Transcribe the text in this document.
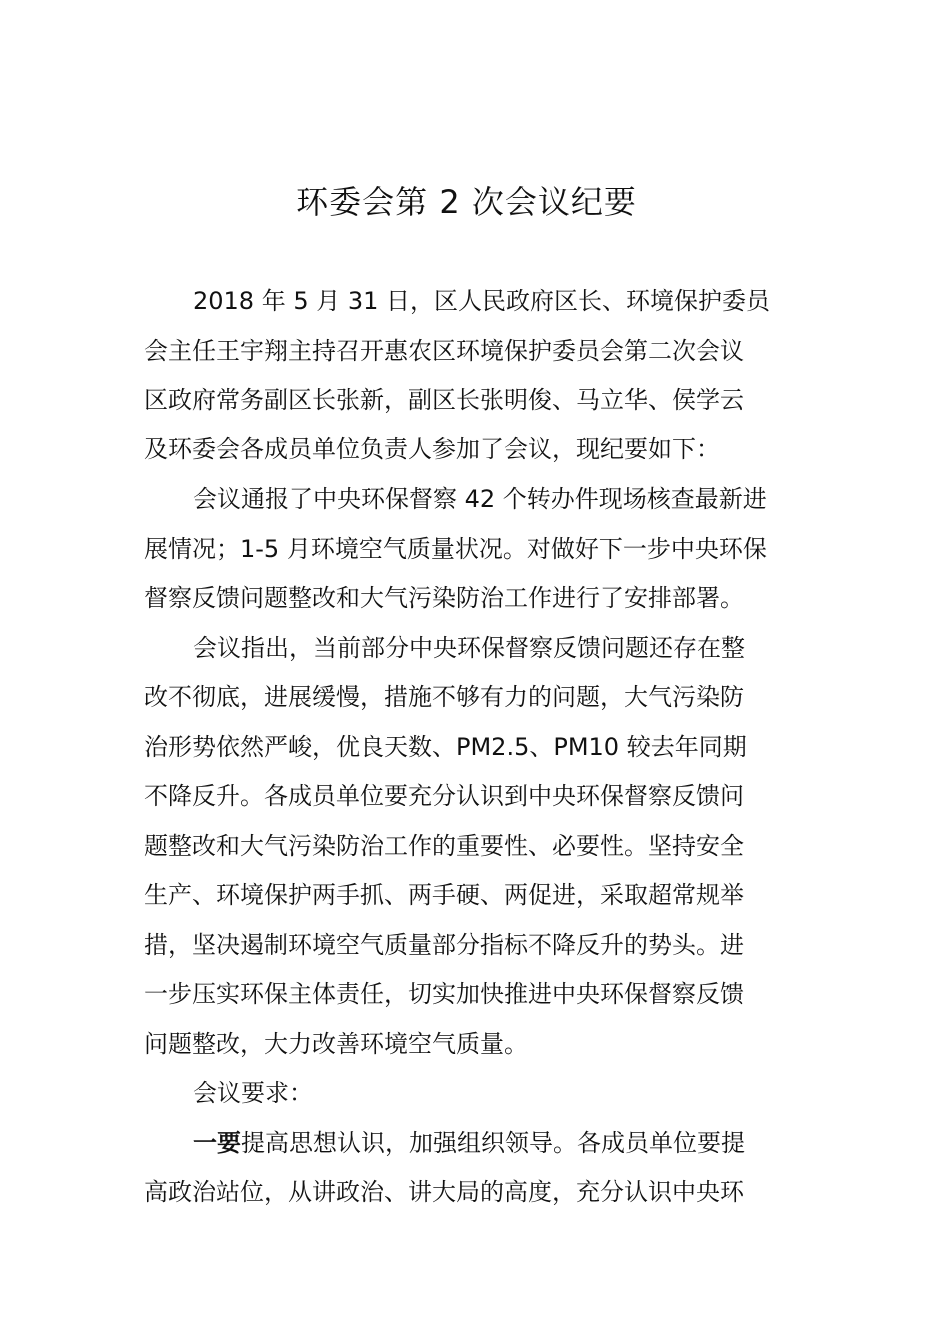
环委会第 2 次会议纪要

2018 年 5 月 31 日，区人民政府区长、环境保护委员

会主任王宇翔主持召开惠农区环境保护委员会第二次会议

区政府常务副区长张新，副区长张明俊、马立华、侯学云

及环委会各成员单位负责人参加了会议，现纪要如下：

会议通报了中央环保督察 42 个转办件现场核查最新进

展情况；1-5 月环境空气质量状况。对做好下一步中央环保

督察反馈问题整改和大气污染防治工作进行了安排部署。

会议指出，当前部分中央环保督察反馈问题还存在整

改不彻底，进展缓慢，措施不够有力的问题，大气污染防

治形势依然严峻，优良天数、PM2.5、PM10 较去年同期

不降反升。各成员单位要充分认识到中央环保督察反馈问

题整改和大气污染防治工作的重要性、必要性。坚持安全

生产、环境保护两手抓、两手硬、两促进，采取超常规举

措，坚决遏制环境空气质量部分指标不降反升的势头。进

一步压实环保主体责任，切实加快推进中央环保督察反馈

问题整改，大力改善环境空气质量。

会议要求：

一要提高思想认识，加强组织领导。各成员单位要提

高政治站位，从讲政治、讲大局的高度，充分认识中央环
